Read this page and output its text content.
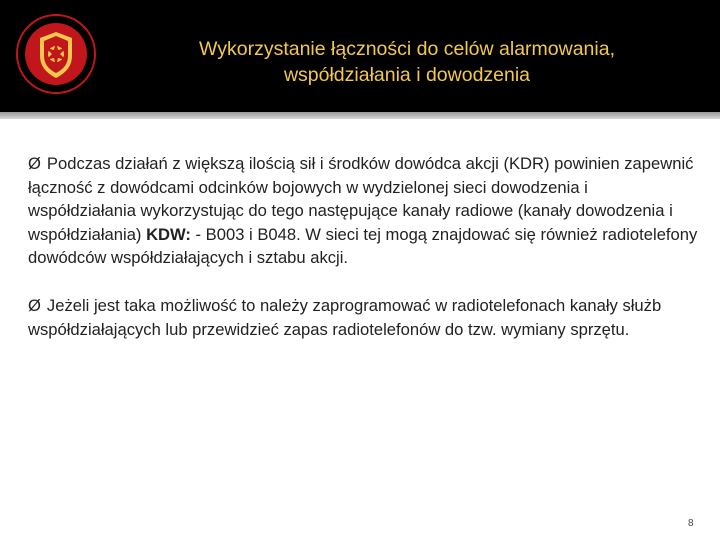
Wykorzystanie łączności do celów alarmowania,
współdziałania i dowodzenia

Ø Podczas działań z większą ilością sił i środków dowódca akcji (KDR) powinien zapewnić łączność z dowódcami odcinków bojowych w wydzielonej sieci dowodzenia i współdziałania wykorzystując do tego następujące kanały radiowe (kanały dowodzenia i współdziałania) KDW: - B003 i B048. W sieci tej mogą znajdować się również radiotelefony dowódców współdziałających i sztabu akcji.

Ø Jeżeli jest taka możliwość to należy zaprogramować w radiotelefonach kanały służb współdziałających lub przewidzieć zapas radiotelefonów do tzw. wymiany sprzętu.

8
